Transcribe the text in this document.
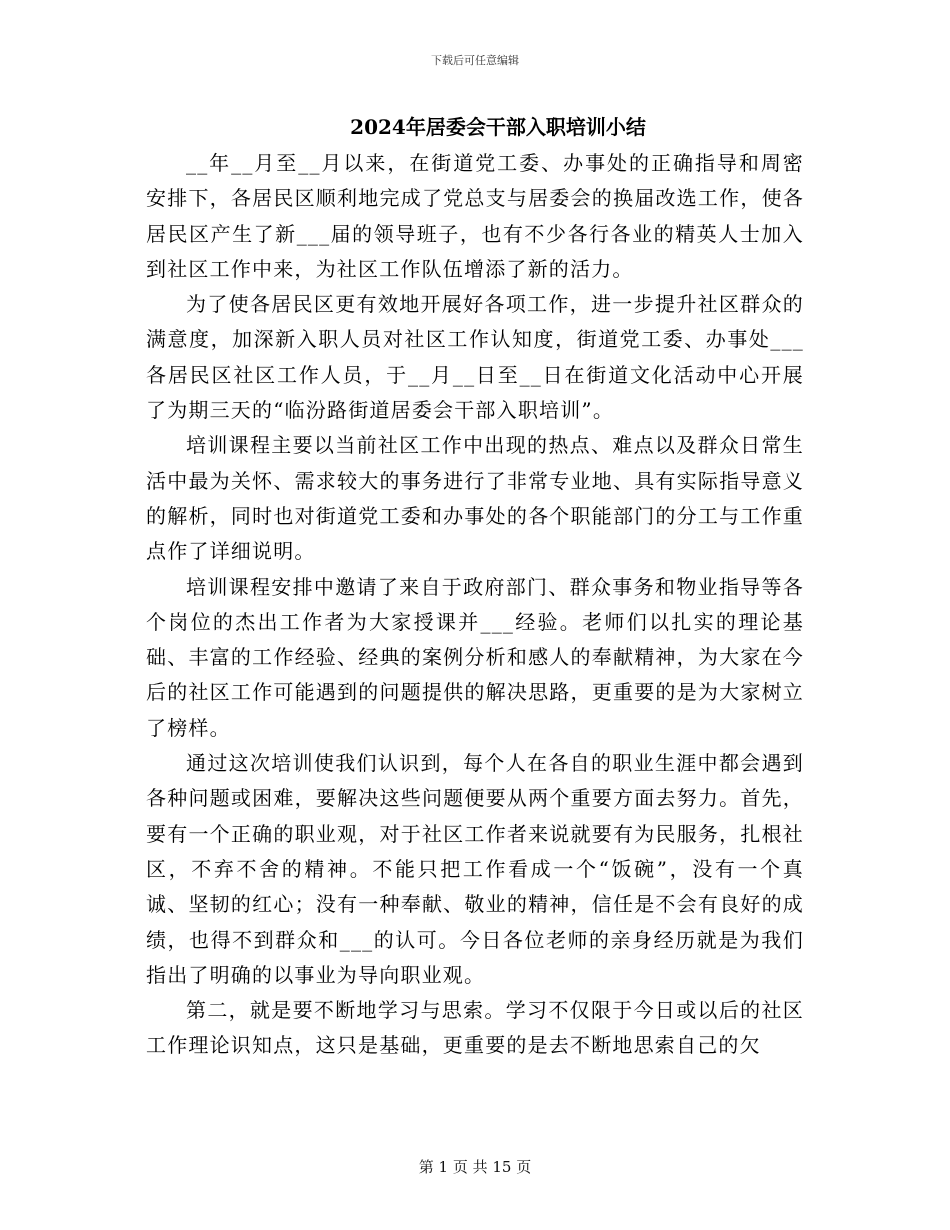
下载后可任意编辑
2024年居委会干部入职培训小结

__年__月至__月以来，在街道党工委、办事处的正确指导和周密安排下，各居民区顺利地完成了党总支与居委会的换届改选工作，使各居民区产生了新___届的领导班子，也有不少各行各业的精英人士加入到社区工作中来，为社区工作队伍增添了新的活力。

为了使各居民区更有效地开展好各项工作，进一步提升社区群众的满意度，加深新入职人员对社区工作认知度，街道党工委、办事处___各居民区社区工作人员，于__月__日至__日在街道文化活动中心开展了为期三天的“临汾路街道居委会干部入职培训”。

培训课程主要以当前社区工作中出现的热点、难点以及群众日常生活中最为关怀、需求较大的事务进行了非常专业地、具有实际指导意义的解析，同时也对街道党工委和办事处的各个职能部门的分工与工作重点作了详细说明。

培训课程安排中邀请了来自于政府部门、群众事务和物业指导等各个岗位的杰出工作者为大家授课并___经验。老师们以扎实的理论基础、丰富的工作经验、经典的案例分析和感人的奉献精神，为大家在今后的社区工作可能遇到的问题提供的解决思路，更重要的是为大家树立了榜样。

通过这次培训使我们认识到，每个人在各自的职业生涯中都会遇到各种问题或困难，要解决这些问题便要从两个重要方面去努力。首先，要有一个正确的职业观，对于社区工作者来说就要有为民服务，扎根社区，不弃不舍的精神。不能只把工作看成一个“饭碗”，没有一个真诚、坚韧的红心；没有一种奉献、敬业的精神，信任是不会有良好的成绩，也得不到群众和___的认可。今日各位老师的亲身经历就是为我们指出了明确的以事业为导向职业观。

第二，就是要不断地学习与思索。学习不仅限于今日或以后的社区工作理论识知点，这只是基础，更重要的是去不断地思索自己的欠

第 1 页 共 15 页
